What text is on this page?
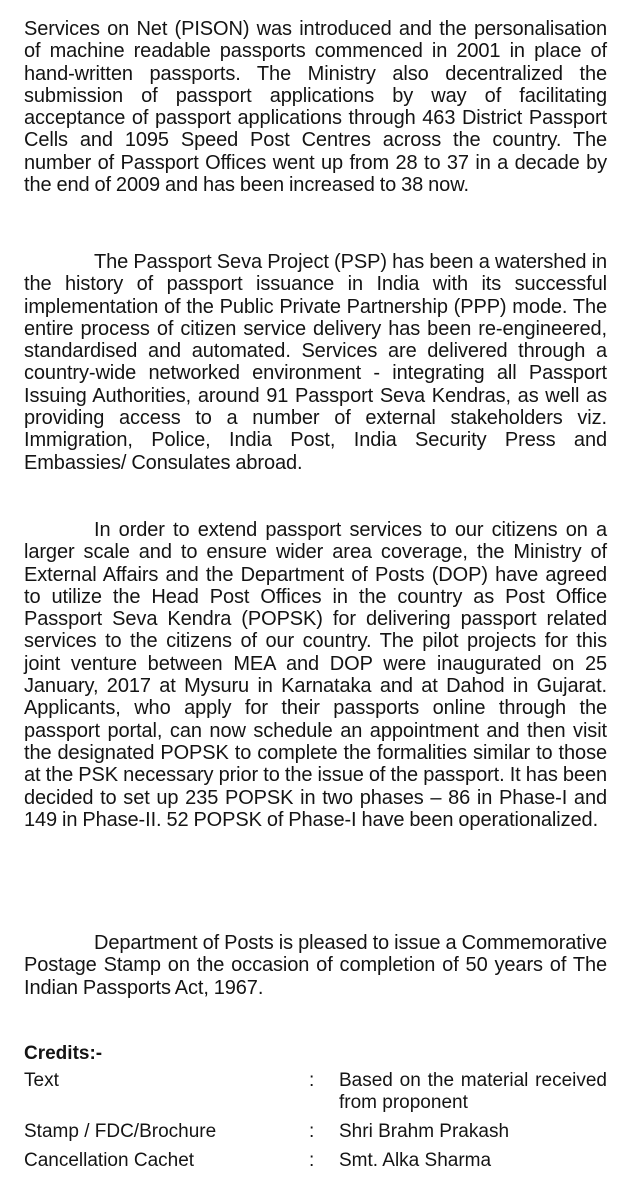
Services on Net (PISON) was introduced and the personalisation of machine readable passports commenced in 2001 in place of hand-written passports. The Ministry also decentralized the submission of passport applications by way of facilitating acceptance of passport applications through 463 District Passport Cells and 1095 Speed Post Centres across the country. The number of Passport Offices went up from 28 to 37 in a decade by the end of 2009 and has been increased to 38 now.

The Passport Seva Project (PSP) has been a watershed in the history of passport issuance in India with its successful implementation of the Public Private Partnership (PPP) mode. The entire process of citizen service delivery has been re-engineered, standardised and automated. Services are delivered through a country-wide networked environment - integrating all Passport Issuing Authorities, around 91 Passport Seva Kendras, as well as providing access to a number of external stakeholders viz. Immigration, Police, India Post, India Security Press and Embassies/ Consulates abroad.

In order to extend passport services to our citizens on a larger scale and to ensure wider area coverage, the Ministry of External Affairs and the Department of Posts (DOP) have agreed to utilize the Head Post Offices in the country as Post Office Passport Seva Kendra (POPSK) for delivering passport related services to the citizens of our country. The pilot projects for this joint venture between MEA and DOP were inaugurated on 25 January, 2017 at Mysuru in Karnataka and at Dahod in Gujarat. Applicants, who apply for their passports online through the passport portal, can now schedule an appointment and then visit the designated POPSK to complete the formalities similar to those at the PSK necessary prior to the issue of the passport. It has been decided to set up 235 POPSK in two phases – 86 in Phase-I and 149 in Phase-II. 52 POPSK of Phase-I have been operationalized.

Department of Posts is pleased to issue a Commemorative Postage Stamp on the occasion of completion of 50 years of The Indian Passports Act, 1967.

Credits:-
Text	:	Based on the material received from proponent
Stamp / FDC/Brochure	:	Shri Brahm Prakash
Cancellation Cachet	:	Smt. Alka Sharma
